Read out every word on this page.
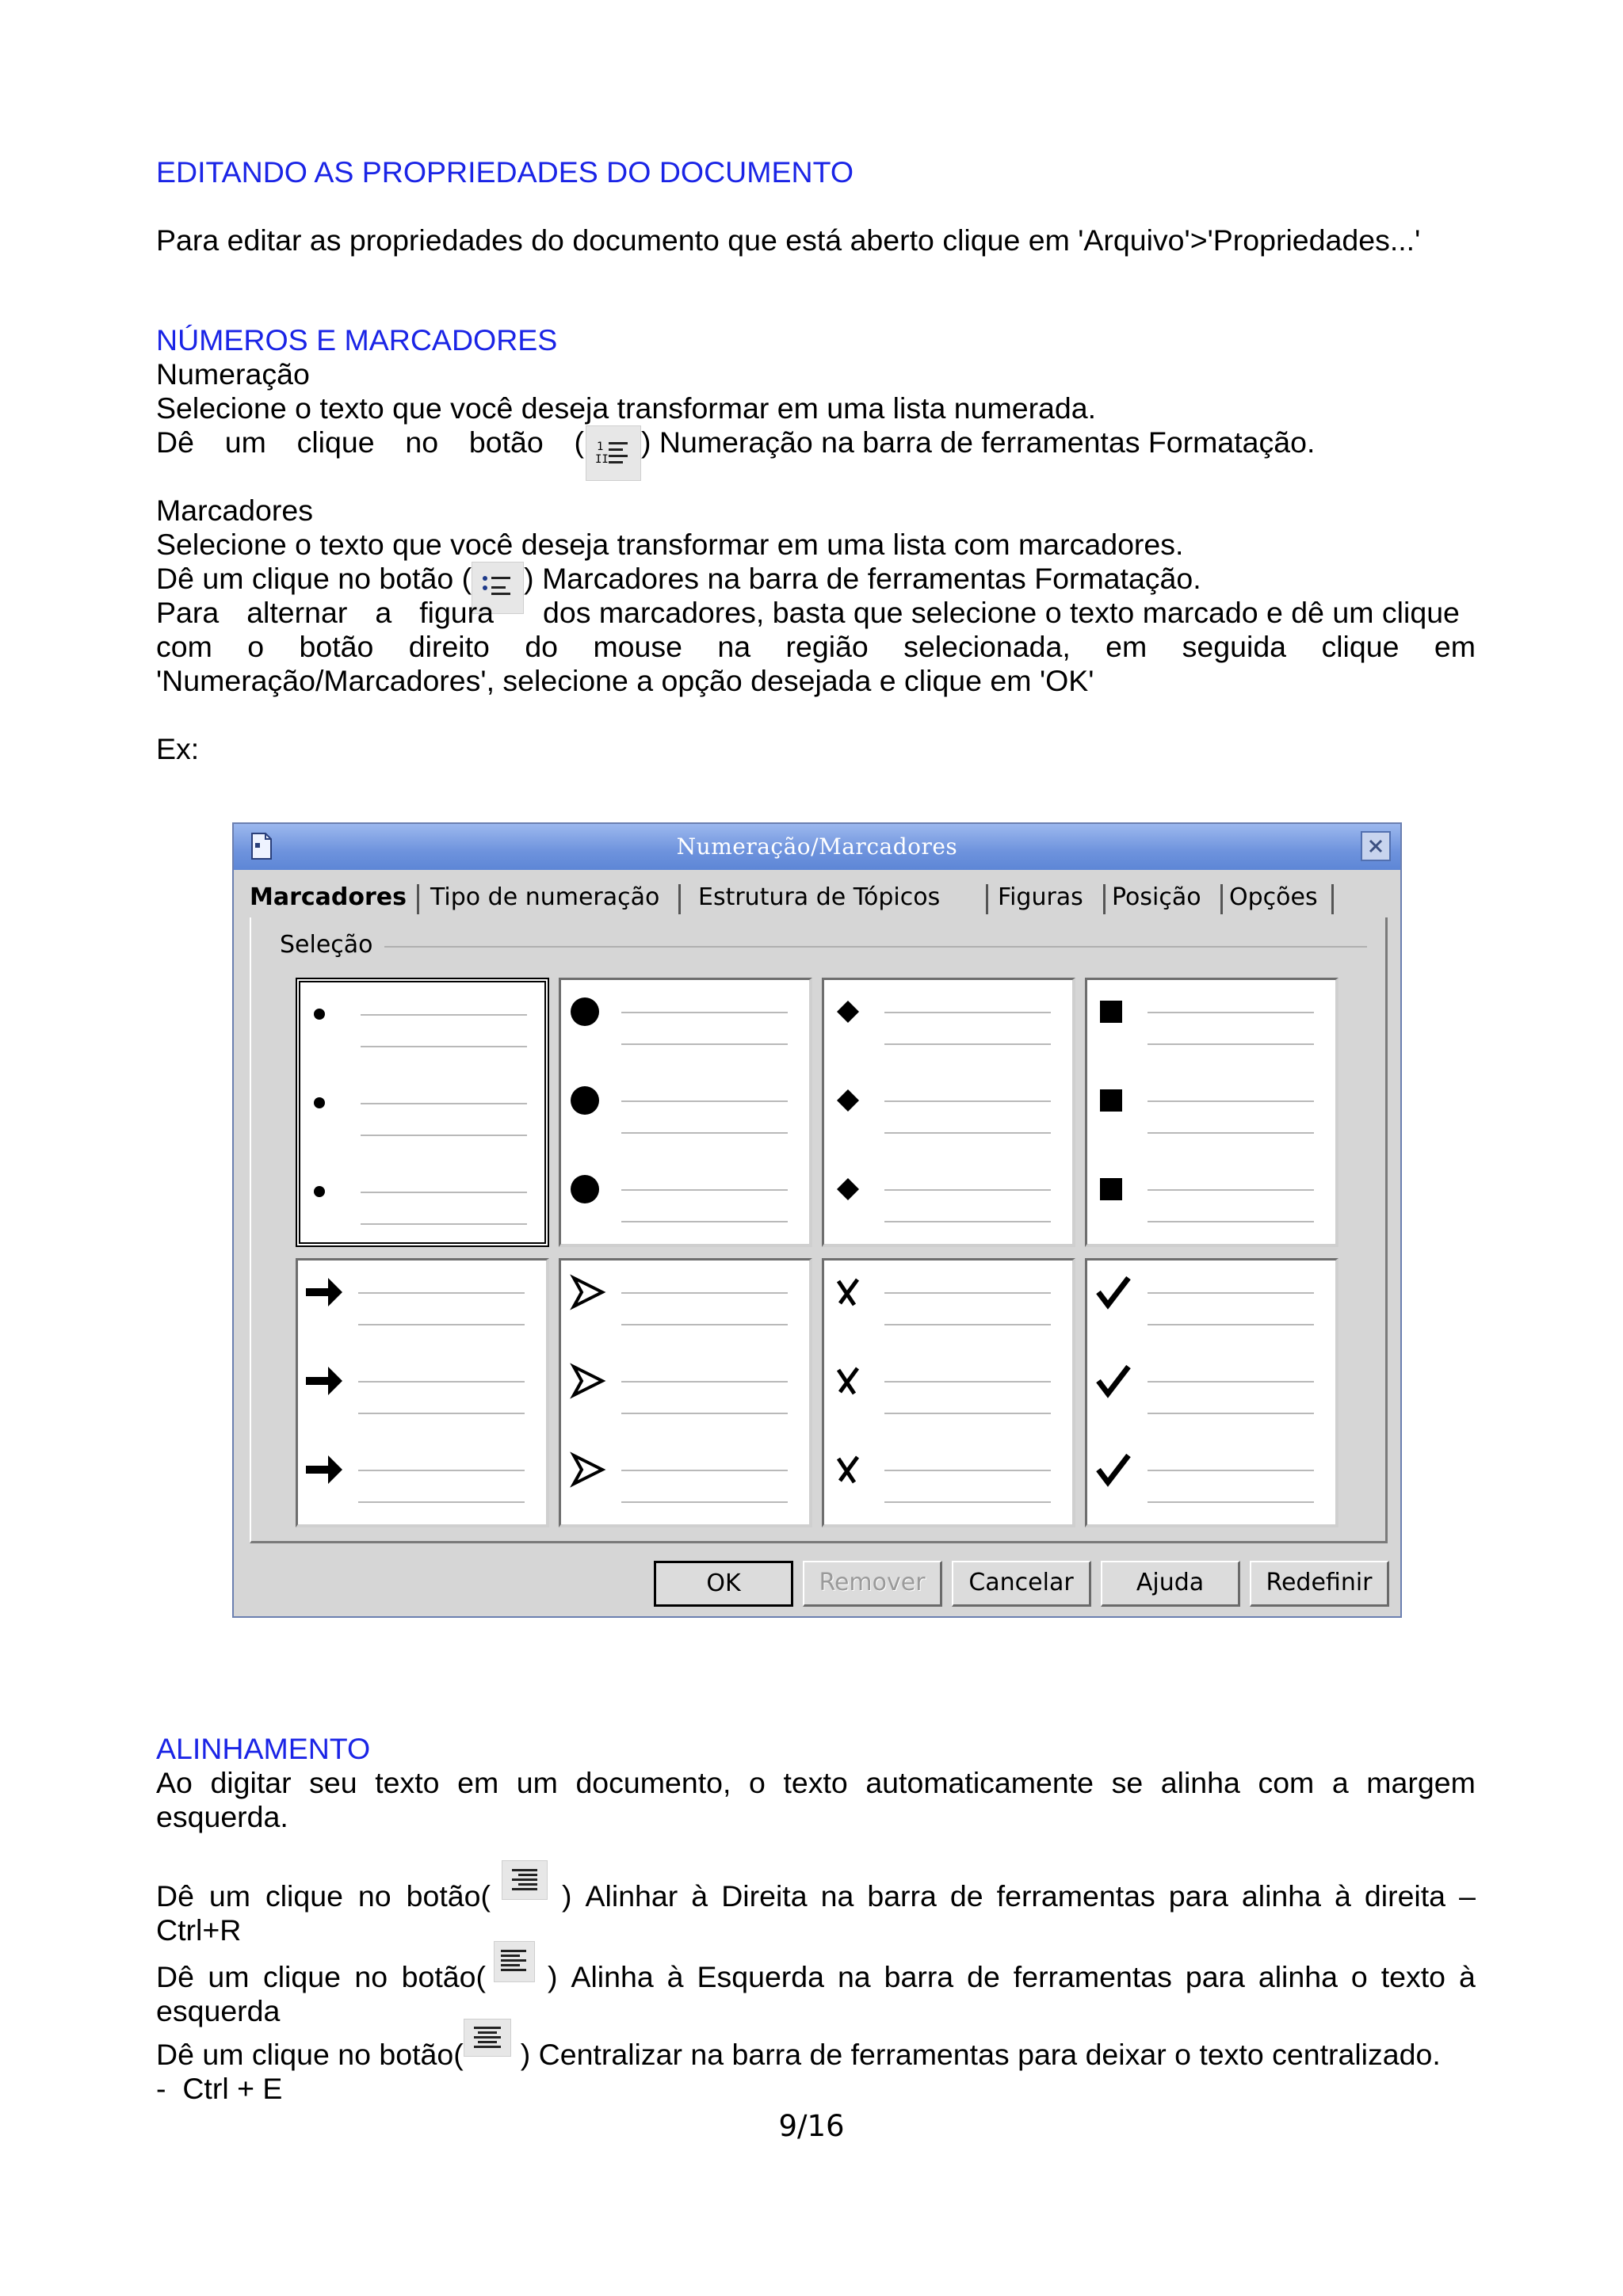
EDITANDO AS PROPRIEDADES DO DOCUMENTO
Para editar as propriedades do documento que está aberto clique em 'Arquivo'>'Propriedades...'
NÚMEROS E MARCADORES
Numeração
Selecione o texto que você deseja transformar em uma lista numerada.
Dê um clique no botão ( 1
II
) Numeração na barra de ferramentas Formatação.
Marcadores
Selecione o texto que você deseja transformar em uma lista com marcadores.
Dê um clique no botão ( ) Marcadores na barra de ferramentas Formatação.
Para alternar a figura dos marcadores, basta que selecione o texto marcado e dê um clique
com o botão direito do mouse na região selecionada, em seguida clique em
'Numeração/Marcadores', selecione a opção desejada e clique em 'OK'
Ex:
ALINHAMENTO
Ao digitar seu texto em um documento, o texto automaticamente se alinha com a margem
esquerda.
Dê um clique no botão( ) Alinhar à Direita na barra de ferramentas para alinha à direita –
Ctrl+R
Dê um clique no botão( ) Alinha à Esquerda na barra de ferramentas para alinha o texto à
esquerda
Dê um clique no botão( ) Centralizar na barra de ferramentas para deixar o texto centralizado.
-  Ctrl + E
Numeração/Marcadores
Marcadores Tipo de numeração	Estrutura de Tópicos	Figuras	Posição	Opções
Seleção
OK	Remover	Cancelar	Ajuda	Redefinir
9/16
